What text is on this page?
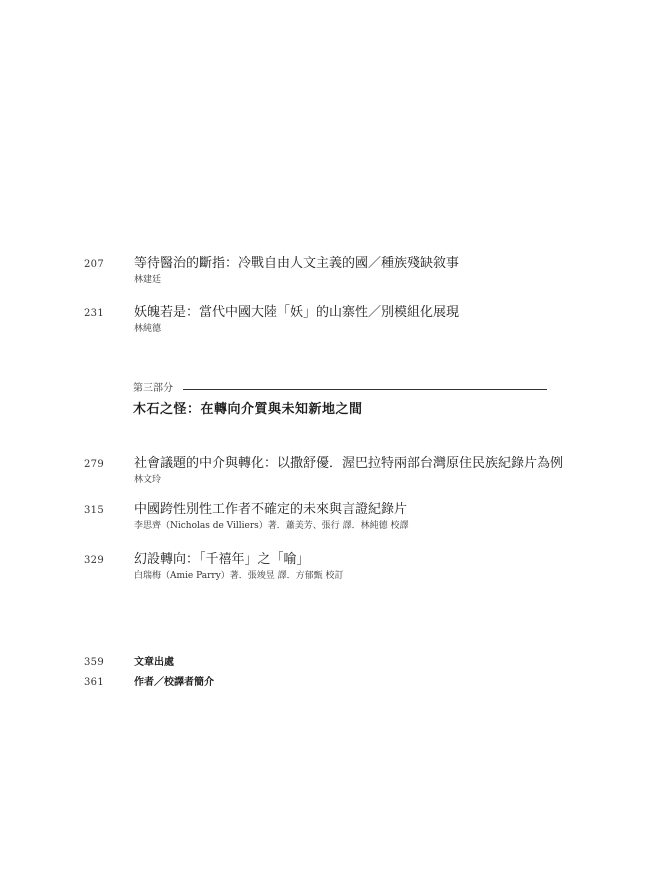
207 等待醫治的斷指：冷戰自由人文主義的國／種族殘缺敘事
林建廷
231 妖魄若是：當代中國大陸「妖」的山寨性／別模組化展現
林純德
第三部分
木石之怪：在轉向介質與未知新地之間
279 社會議題的中介與轉化：以撒舒優．渥巴拉特兩部台灣原住民族紀錄片為例
林文玲
315 中國跨性別性工作者不確定的未來與言證紀錄片
李思齊（Nicholas de Villiers）著．蕭美芳、張行 譯．林純德 校譯
329 幻設轉向：「千禧年」之「喻」
白瑞梅（Amie Parry）著．張竣昱 譯．方郁甄 校訂
359	文章出處
361	作者／校譯者簡介
